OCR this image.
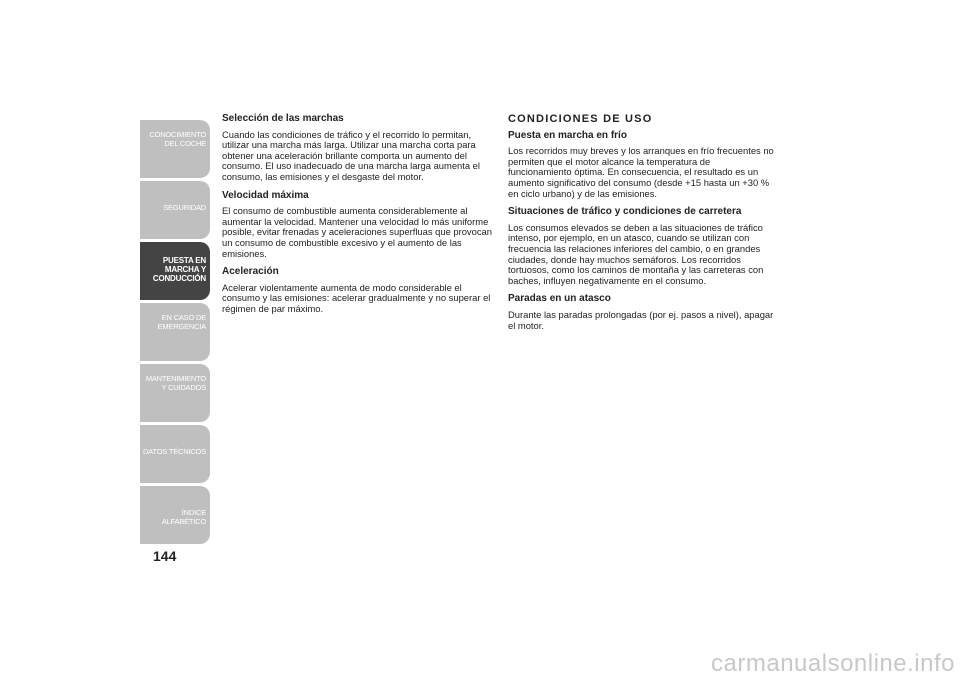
CONOCIMIENTO DEL COCHE
SEGURIDAD
PUESTA EN MARCHA Y CONDUCCIÓN
EN CASO DE EMERGENCIA
MANTENIMIENTO Y CUIDADOS
DATOS TÉCNICOS
ÍNDICE ALFABÉTICO
144
Selección de las marchas

Cuando las condiciones de tráfico y el recorrido lo permitan, utilizar una marcha más larga. Utilizar una marcha corta para obtener una aceleración brillante comporta un aumento del consumo. El uso inadecuado de una marcha larga aumenta el consumo, las emisiones y el desgaste del motor.

Velocidad máxima

El consumo de combustible aumenta considerablemente al aumentar la velocidad. Mantener una velocidad lo más uniforme posible, evitar frenadas y aceleraciones superfluas que provocan un consumo de combustible excesivo y el aumento de las emisiones.

Aceleración

Acelerar violentamente aumenta de modo considerable el consumo y las emisiones: acelerar gradualmente y no superar el régimen de par máximo.

CONDICIONES DE USO
Puesta en marcha en frío

Los recorridos muy breves y los arranques en frío frecuentes no permiten que el motor alcance la temperatura de funcionamiento óptima. En consecuencia, el resultado es un aumento significativo del consumo (desde +15 hasta un +30 % en ciclo urbano) y de las emisiones.

Situaciones de tráfico y condiciones de carretera

Los consumos elevados se deben a las situaciones de tráfico intenso, por ejemplo, en un atasco, cuando se utilizan con frecuencia las relaciones inferiores del cambio, o en grandes ciudades, donde hay muchos semáforos. Los recorridos tortuosos, como los caminos de montaña y las carreteras con baches, influyen negativamente en el consumo.

Paradas en un atasco

Durante las paradas prolongadas (por ej. pasos a nivel), apagar el motor.

carmanualsonline.info
